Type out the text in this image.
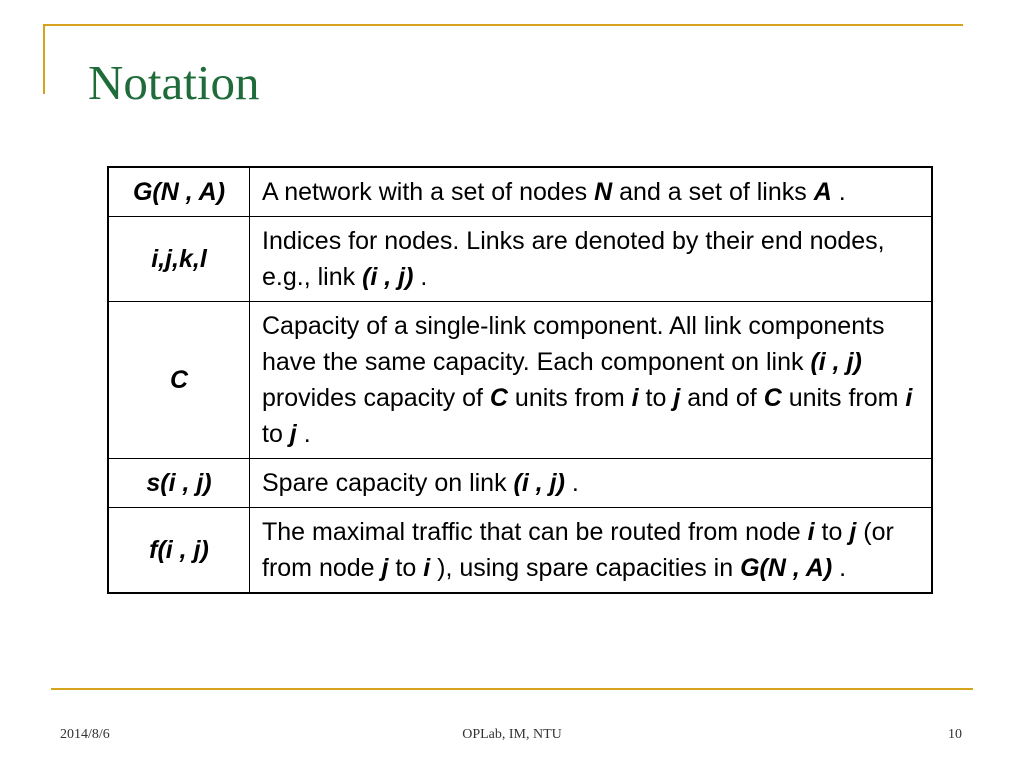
Notation
G(N , A)	A network with a set of nodes N and a set of links A .
i,j,k,l	Indices for nodes. Links are denoted by their end nodes, e.g., link (i , j) .
C	Capacity of a single-link component. All link components have the same capacity. Each component on link (i , j) provides capacity of C units from i to j and of C units from i to j .
s(i , j)	Spare capacity on link (i , j) .
f(i , j)	The maximal traffic that can be routed from node i to j (or from node j to i ), using spare capacities in G(N , A) .
2014/8/6	OPLab, IM, NTU	10
